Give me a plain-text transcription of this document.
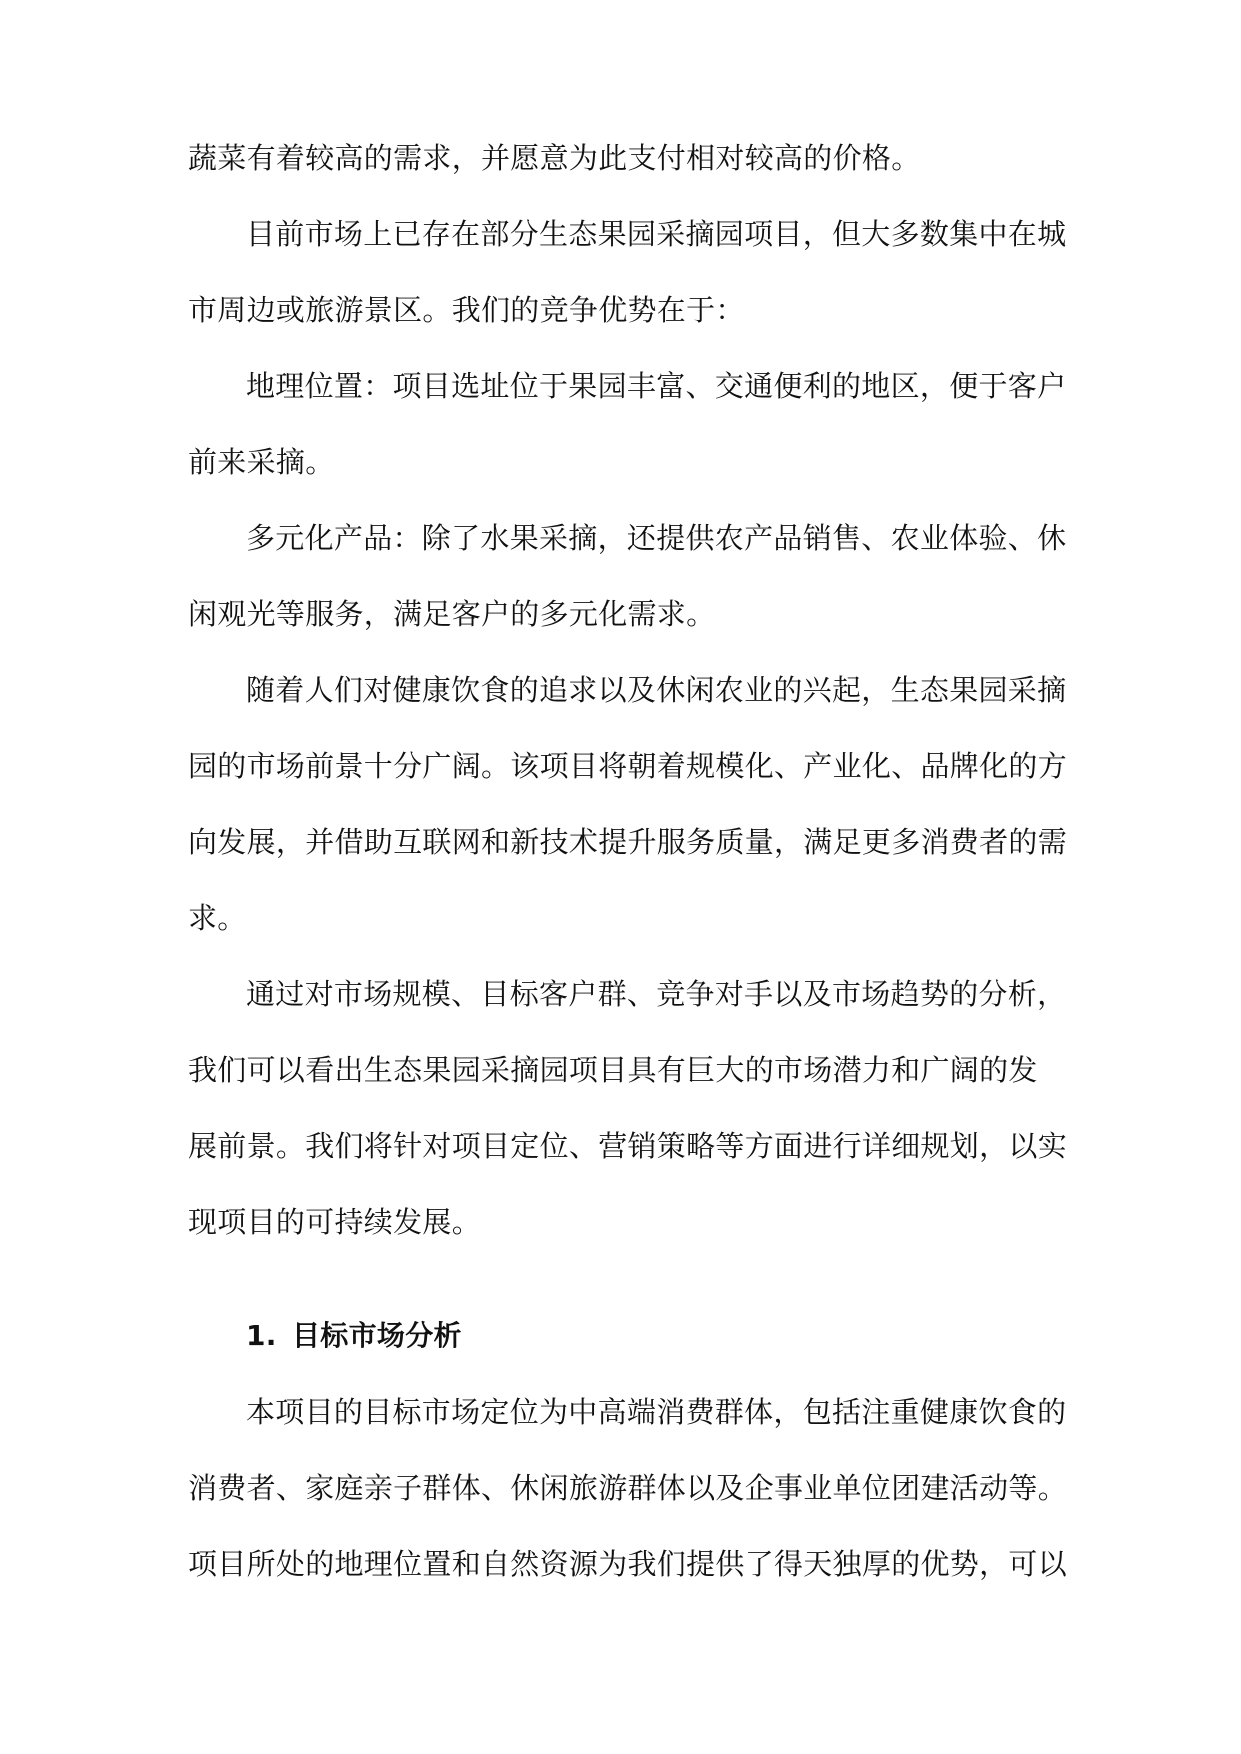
蔬菜有着较高的需求，并愿意为此支付相对较高的价格。
目前市场上已存在部分生态果园采摘园项目，但大多数集中在城
市周边或旅游景区。我们的竞争优势在于：
地理位置：项目选址位于果园丰富、交通便利的地区，便于客户
前来采摘。
多元化产品：除了水果采摘，还提供农产品销售、农业体验、休
闲观光等服务，满足客户的多元化需求。
随着人们对健康饮食的追求以及休闲农业的兴起，生态果园采摘
园的市场前景十分广阔。该项目将朝着规模化、产业化、品牌化的方
向发展，并借助互联网和新技术提升服务质量，满足更多消费者的需
求。
通过对市场规模、目标客户群、竞争对手以及市场趋势的分析，
我们可以看出生态果园采摘园项目具有巨大的市场潜力和广阔的发
展前景。我们将针对项目定位、营销策略等方面进行详细规划，以实
现项目的可持续发展。
1. 目标市场分析
本项目的目标市场定位为中高端消费群体，包括注重健康饮食的
消费者、家庭亲子群体、休闲旅游群体以及企事业单位团建活动等。
项目所处的地理位置和自然资源为我们提供了得天独厚的优势，可以
